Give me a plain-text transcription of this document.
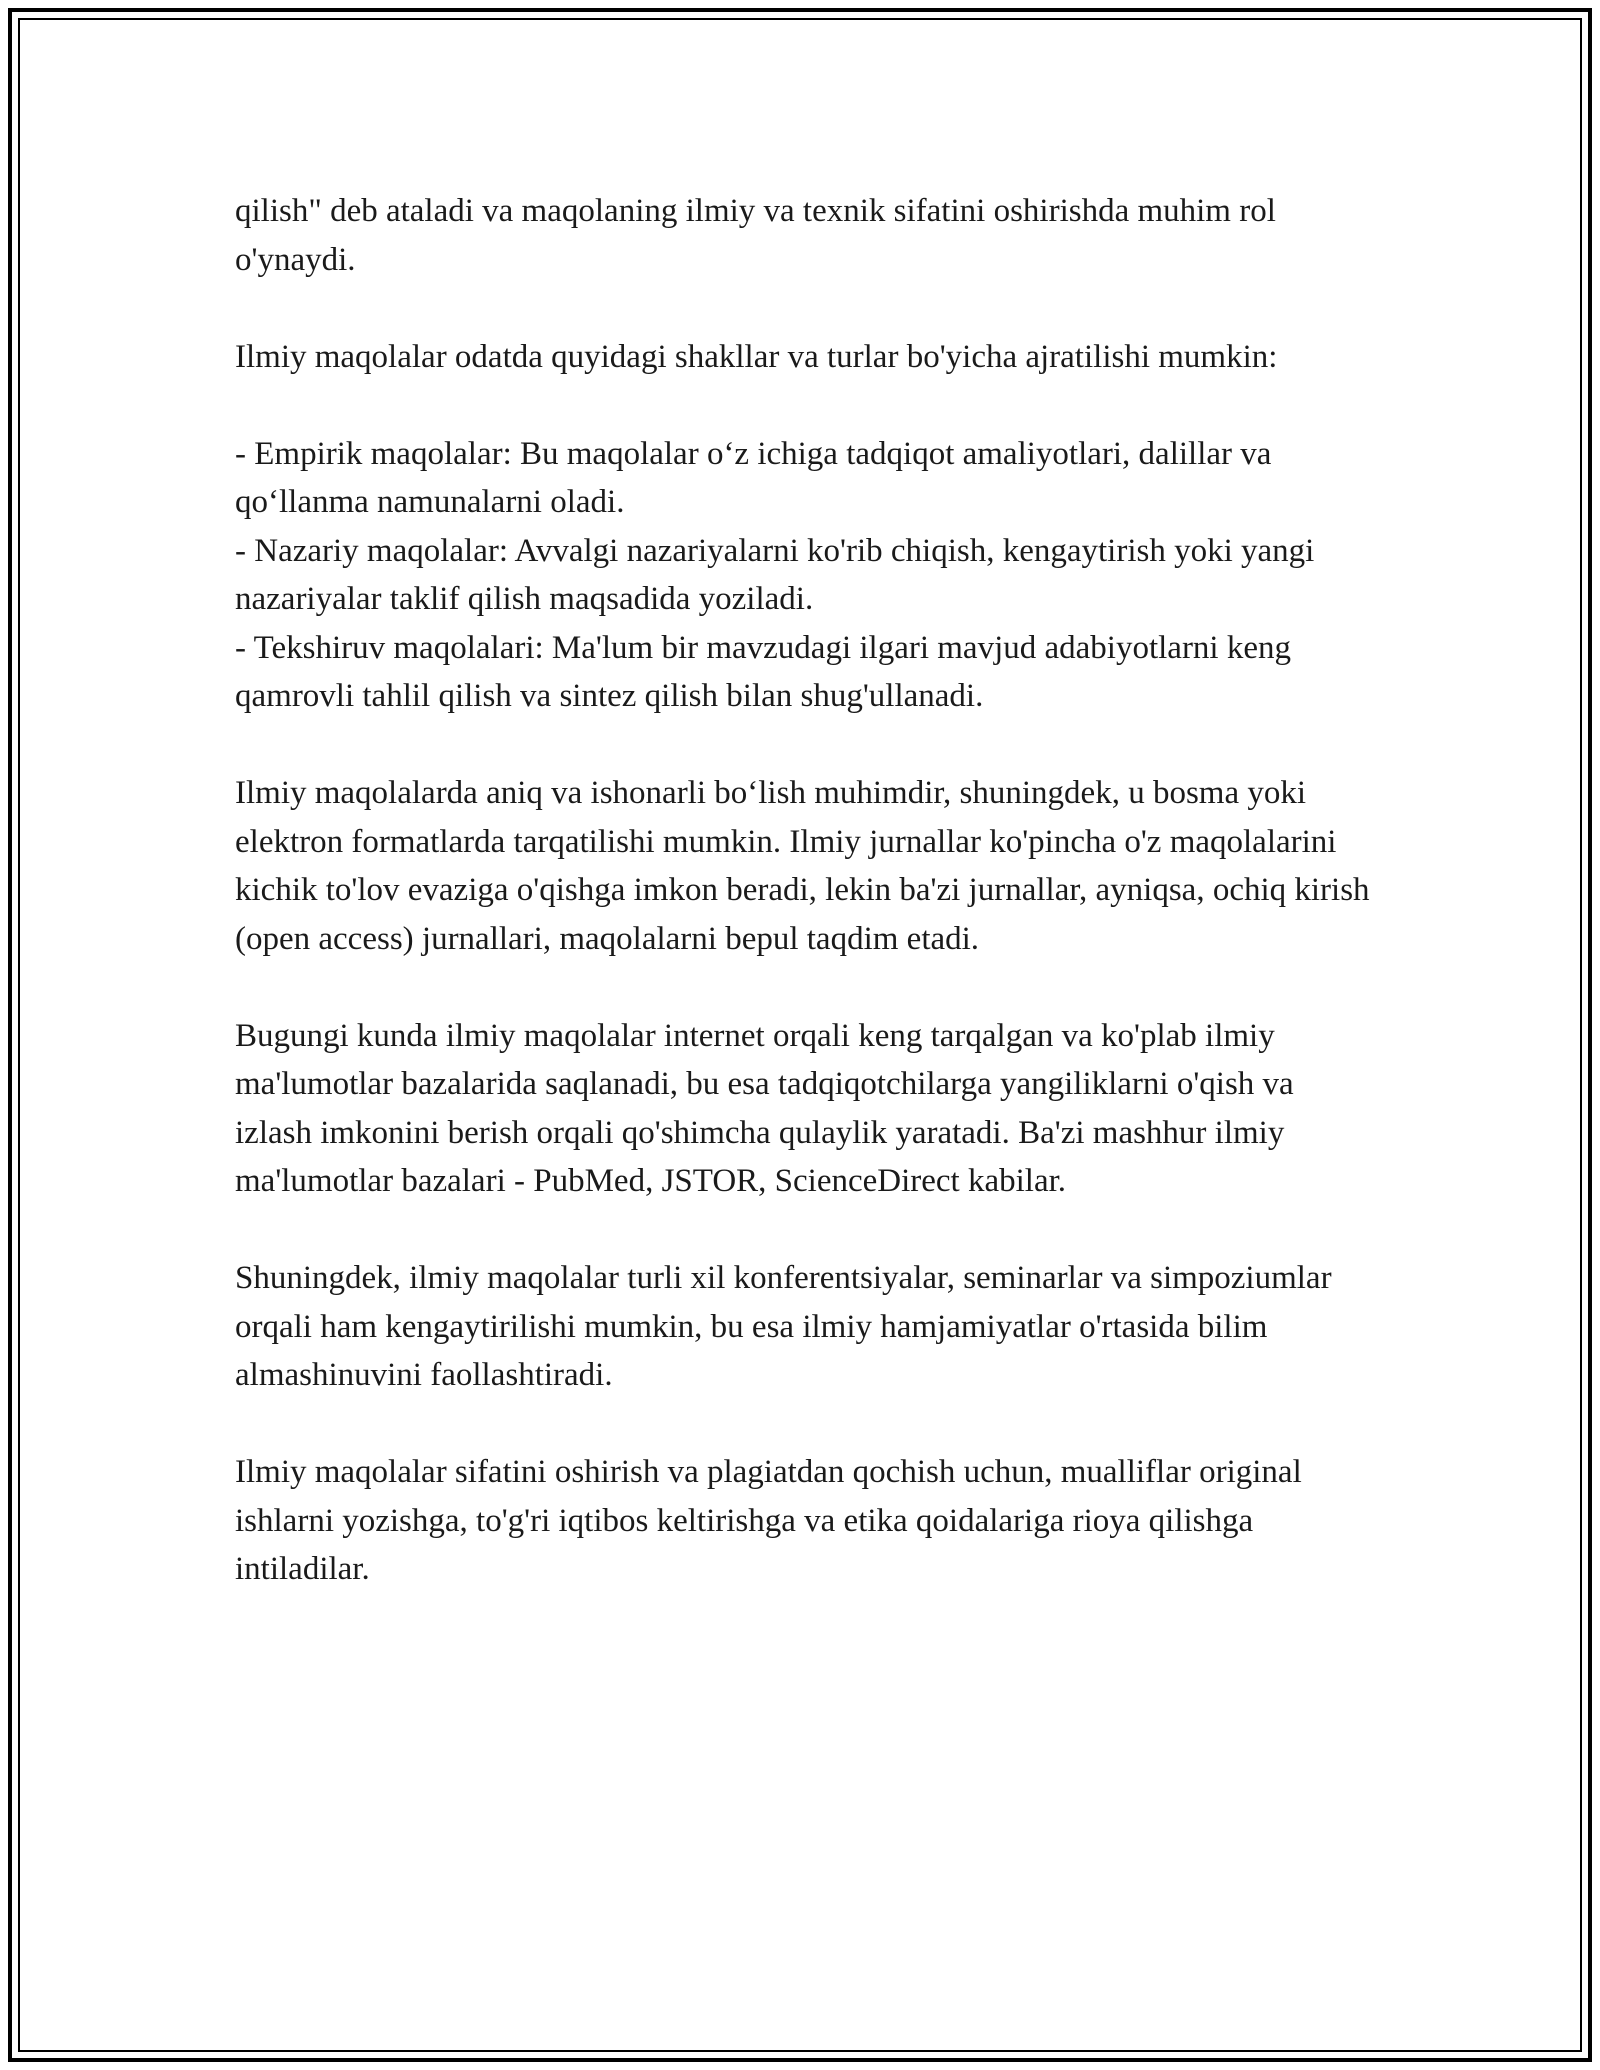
qilish" deb ataladi va maqolaning ilmiy va texnik sifatini oshirishda muhim rol o'ynaydi.

Ilmiy maqolalar odatda quyidagi shakllar va turlar bo'yicha ajratilishi mumkin:

- Empirik maqolalar: Bu maqolalar o‘z ichiga tadqiqot amaliyotlari, dalillar va qo‘llanma namunalarni oladi.

- Nazariy maqolalar: Avvalgi nazariyalarni ko'rib chiqish, kengaytirish yoki yangi nazariyalar taklif qilish maqsadida yoziladi.

- Tekshiruv maqolalari: Ma'lum bir mavzudagi ilgari mavjud adabiyotlarni keng qamrovli tahlil qilish va sintez qilish bilan shug'ullanadi.

Ilmiy maqolalarda aniq va ishonarli bo‘lish muhimdir, shuningdek, u bosma yoki elektron formatlarda tarqatilishi mumkin. Ilmiy jurnallar ko'pincha o'z maqolalarini kichik to'lov evaziga o'qishga imkon beradi, lekin ba'zi jurnallar, ayniqsa, ochiq kirish (open access) jurnallari, maqolalarni bepul taqdim etadi.

Bugungi kunda ilmiy maqolalar internet orqali keng tarqalgan va ko'plab ilmiy ma'lumotlar bazalarida saqlanadi, bu esa tadqiqotchilarga yangiliklarni o'qish va izlash imkonini berish orqali qo'shimcha qulaylik yaratadi. Ba'zi mashhur ilmiy ma'lumotlar bazalari - PubMed, JSTOR, ScienceDirect kabilar.

Shuningdek, ilmiy maqolalar turli xil konferentsiyalar, seminarlar va simpoziumlar orqali ham kengaytirilishi mumkin, bu esa ilmiy hamjamiyatlar o'rtasida bilim almashinuvini faollashtiradi.

Ilmiy maqolalar sifatini oshirish va plagiatdan qochish uchun, mualliflar original ishlarni yozishga, to'g'ri iqtibos keltirishga va etika qoidalariga rioya qilishga intiladilar.
